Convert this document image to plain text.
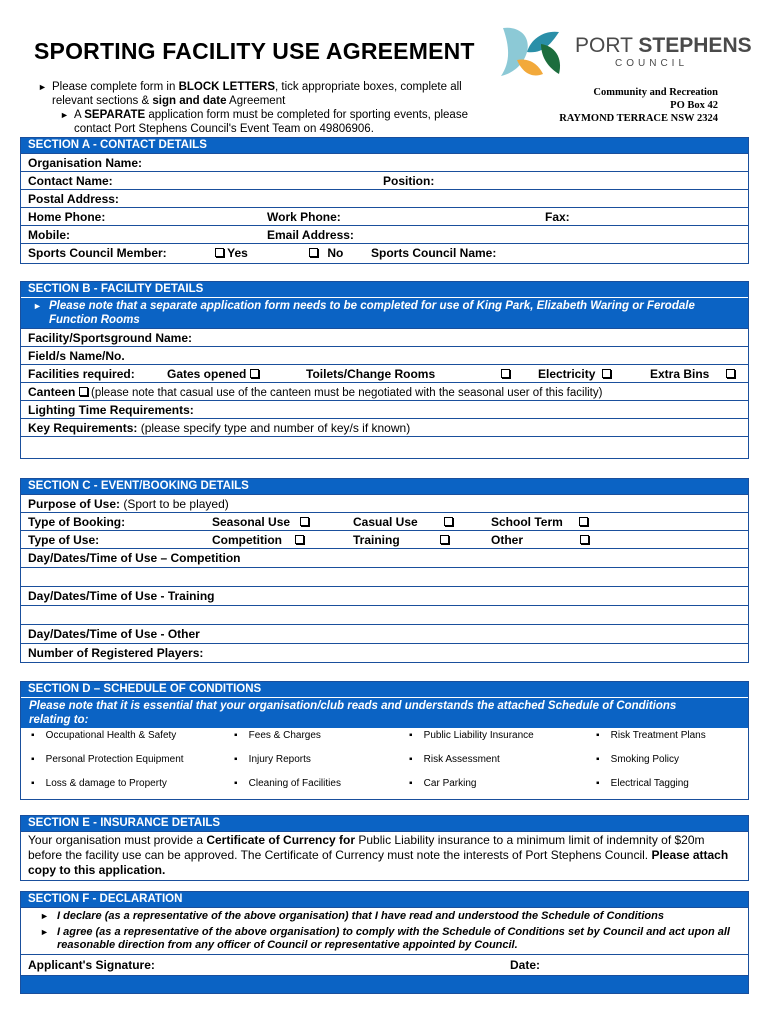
SPORTING FACILITY USE AGREEMENT
► Please complete form in BLOCK LETTERS, tick appropriate boxes, complete all
relevant sections & sign and date Agreement
► A SEPARATE application form must be completed for sporting events, please
contact Port Stephens Council's Event Team on 49806906.
PORT STEPHENS
COUNCIL
Community and Recreation
PO Box 42
RAYMOND TERRACE NSW 2324
SECTION A - CONTACT DETAILS
Organisation Name:
Contact Name:	Position:
Postal Address:
Home Phone:	Work Phone:	Fax:
Mobile:	Email Address:
Sports Council Member:	Yes	No Sports Council Name:
SECTION B - FACILITY DETAILS
► Please note that a separate application form needs to be completed for use of King Park, Elizabeth Waring or Ferodale Function Rooms
Facility/Sportsground Name:
Field/s Name/No.
Facilities required:	Gates opened	Toilets/Change Rooms	Electricity	Extra Bins
Canteen (please note that casual use of the canteen must be negotiated with the seasonal user of this facility)
Lighting Time Requirements:
Key Requirements: (please specify type and number of key/s if known)
SECTION C - EVENT/BOOKING DETAILS
Purpose of Use: (Sport to be played)
Type of Booking:	Seasonal Use	Casual Use	School Term
Type of Use:	Competition	Training	Other
Day/Dates/Time of Use – Competition
Day/Dates/Time of Use - Training
Day/Dates/Time of Use - Other
Number of Registered Players:
SECTION D – SCHEDULE OF CONDITIONS
Please note that it is essential that your organisation/club reads and understands the attached Schedule of Conditions relating to:
▪    Occupational Health & Safety	▪    Fees & Charges	▪    Public Liability Insurance	▪    Risk Treatment Plans
▪    Personal Protection Equipment	▪    Injury Reports	▪    Risk Assessment	▪    Smoking Policy
▪    Loss & damage to Property	▪    Cleaning of Facilities	▪    Car Parking	▪    Electrical Tagging
SECTION E - INSURANCE DETAILS
Your organisation must provide a Certificate of Currency for Public Liability insurance to a minimum limit of indemnity of $20m before the facility use can be approved. The Certificate of Currency must note the interests of Port Stephens Council. Please attach copy to this application.
SECTION F - DECLARATION
► I declare (as a representative of the above organisation) that I have read and understood the Schedule of Conditions
► I agree (as a representative of the above organisation) to comply with the Schedule of Conditions set by Council and act upon all reasonable direction from any officer of Council or representative appointed by Council.
Applicant's Signature:	Date:
